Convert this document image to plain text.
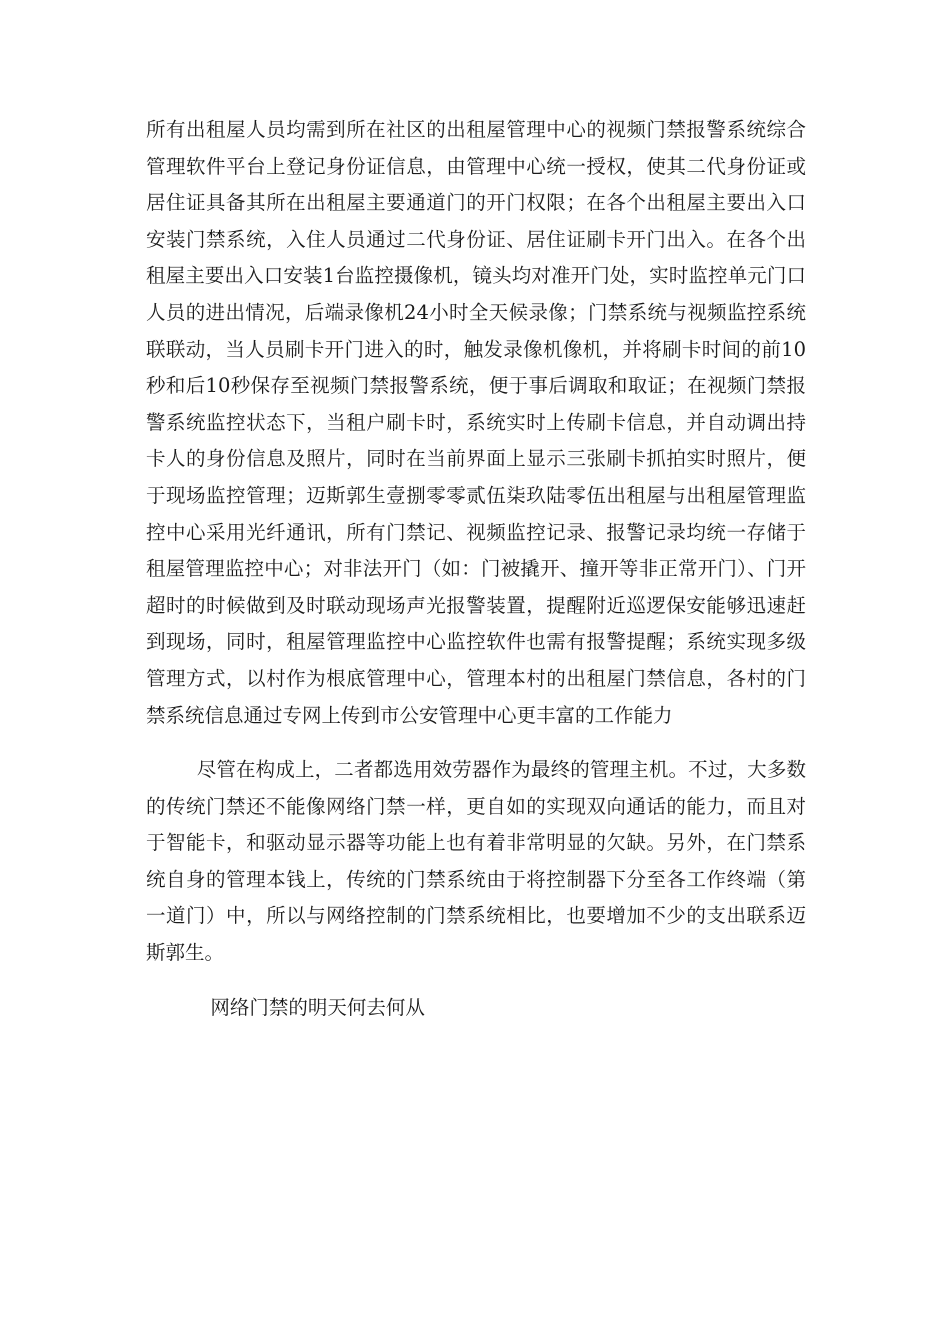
所有出租屋人员均需到所在社区的出租屋管理中心的视频门禁报警系统综合管理软件平台上登记身份证信息，由管理中心统一授权，使其二代身份证或居住证具备其所在出租屋主要通道门的开门权限；在各个出租屋主要出入口安装门禁系统，入住人员通过二代身份证、居住证刷卡开门出入。在各个出租屋主要出入口安装1台监控摄像机，镜头均对准开门处，实时监控单元门口人员的进出情况，后端录像机24小时全天候录像；门禁系统与视频监控系统联联动，当人员刷卡开门进入的时，触发录像机像机，并将刷卡时间的前10秒和后10秒保存至视频门禁报警系统，便于事后调取和取证；在视频门禁报警系统监控状态下，当租户刷卡时，系统实时上传刷卡信息，并自动调出持卡人的身份信息及照片，同时在当前界面上显示三张刷卡抓拍实时照片，便于现场监控管理；迈斯郭生壹捌零零贰伍柒玖陆零伍出租屋与出租屋管理监控中心采用光纤通讯，所有门禁记、视频监控记录、报警记录均统一存储于租屋管理监控中心；对非法开门（如：门被撬开、撞开等非正常开门）、门开超时的时候做到及时联动现场声光报警装置，提醒附近巡逻保安能够迅速赶到现场，同时，租屋管理监控中心监控软件也需有报警提醒；系统实现多级管理方式，以村作为根底管理中心，管理本村的出租屋门禁信息，各村的门禁系统信息通过专网上传到市公安管理中心更丰富的工作能力

尽管在构成上，二者都选用效劳器作为最终的管理主机。不过，大多数的传统门禁还不能像网络门禁一样，更自如的实现双向通话的能力，而且对于智能卡，和驱动显示器等功能上也有着非常明显的欠缺。另外，在门禁系统自身的管理本钱上，传统的门禁系统由于将控制器下分至各工作终端（第一道门）中，所以与网络控制的门禁系统相比，也要增加不少的支出联系迈斯郭生。

网络门禁的明天何去何从
